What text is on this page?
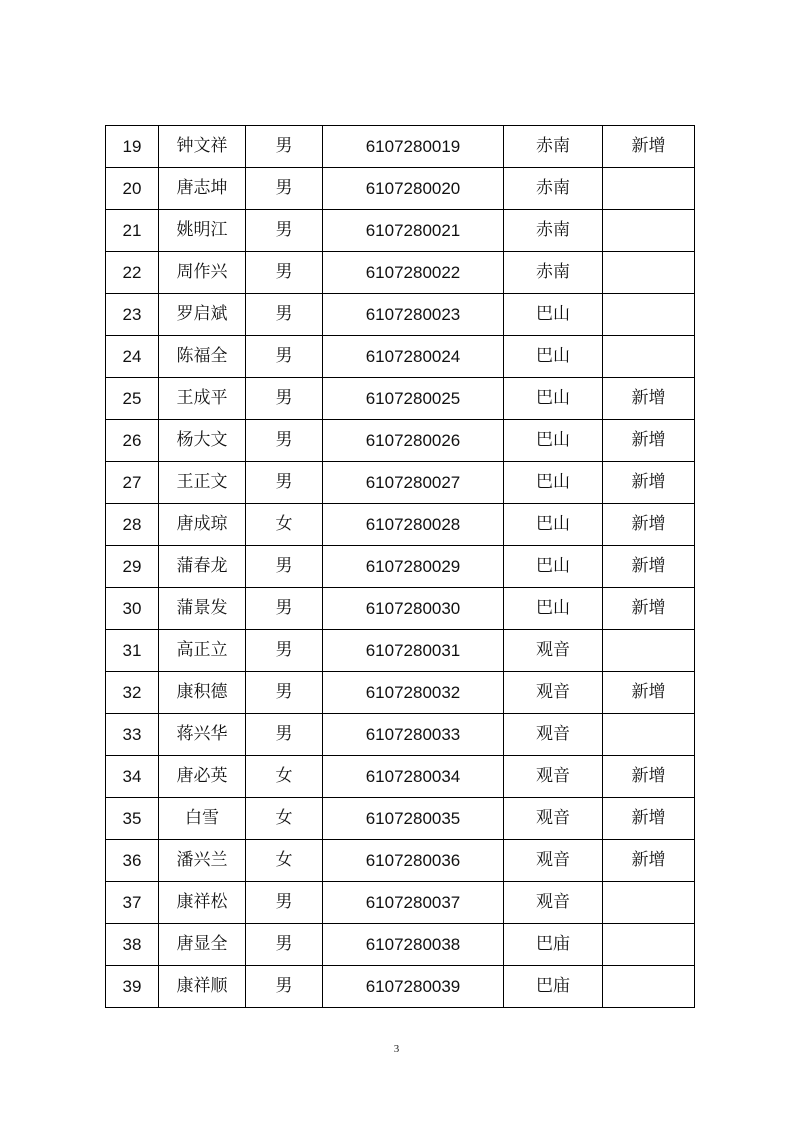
19	钟文祥	男	6107280019	赤南	新增
20	唐志坤	男	6107280020	赤南	
21	姚明江	男	6107280021	赤南	
22	周作兴	男	6107280022	赤南	
23	罗启斌	男	6107280023	巴山	
24	陈福全	男	6107280024	巴山	
25	王成平	男	6107280025	巴山	新增
26	杨大文	男	6107280026	巴山	新增
27	王正文	男	6107280027	巴山	新增
28	唐成琼	女	6107280028	巴山	新增
29	蒲春龙	男	6107280029	巴山	新增
30	蒲景发	男	6107280030	巴山	新增
31	高正立	男	6107280031	观音	
32	康积德	男	6107280032	观音	新增
33	蒋兴华	男	6107280033	观音	
34	唐必英	女	6107280034	观音	新增
35	白雪	女	6107280035	观音	新增
36	潘兴兰	女	6107280036	观音	新增
37	康祥松	男	6107280037	观音	
38	唐显全	男	6107280038	巴庙	
39	康祥顺	男	6107280039	巴庙	
3
